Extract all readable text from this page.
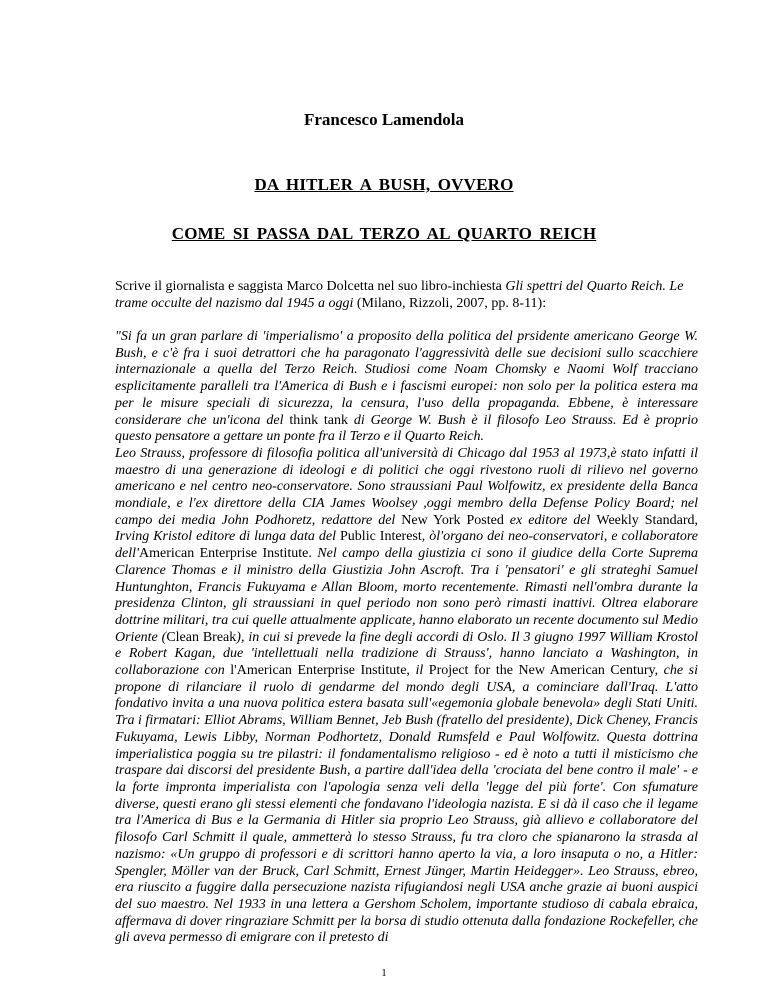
Francesco Lamendola
DA HITLER A BUSH, OVVERO
COME SI PASSA DAL TERZO AL QUARTO REICH
Scrive il giornalista e saggista Marco Dolcetta nel suo libro-inchiesta Gli spettri del Quarto Reich. Le trame occulte del nazismo dal 1945 a oggi (Milano, Rizzoli, 2007, pp. 8-11):

"Si fa un gran parlare di 'imperialismo' a proposito della politica del prsidente americano George W. Bush, e c'è fra i suoi detrattori che ha paragonato l'aggressività delle sue decisioni sullo scacchiere internazionale a quella del Terzo Reich. Studiosi come Noam Chomsky e Naomi Wolf tracciano esplicitamente paralleli tra l'America di Bush e i fascismi europei: non solo per la politica estera ma per le misure speciali di sicurezza, la censura, l'uso della propaganda. Ebbene, è interessare considerare che un'icona del think tank di George W. Bush è il filosofo Leo Strauss. Ed è proprio questo pensatore a gettare un ponte fra il Terzo e il Quarto Reich.

Leo Strauss, professore di filosofia politica all'università di Chicago dal 1953 al 1973,è stato infatti il maestro di una generazione di ideologi e di politici che oggi rivestono ruoli di rilievo nel governo americano e nel centro neo-conservatore. Sono straussiani Paul Wolfowitz, ex presidente della Banca mondiale, e l'ex direttore della CIA James Woolsey ,oggi membro della Defense Policy Board; nel campo dei media John Podhoretz, redattore del New York Posted ex editore del Weekly Standard, Irving Kristol editore di lunga data del Public Interest, òl'organo dei neo-conservatori, e collaboratore dell'American Enterprise Institute. Nel campo della giustizia ci sono il giudice della Corte Suprema Clarence Thomas e il ministro della Giustizia John Ascroft. Tra i 'pensatori' e gli strateghi Samuel Huntunghton, Francis Fukuyama e Allan Bloom, morto recentemente. Rimasti nell'ombra durante la presidenza Clinton, gli straussiani in quel periodo non sono però rimasti inattivi. Oltrea elaborare dottrine militari, tra cui quelle attualmente applicate, hanno elaborato un recente documento sul Medio Oriente (Clean Break), in cui si prevede la fine degli accordi di Oslo. Il 3 giugno 1997 William Krostol e Robert Kagan, due 'intellettuali nella tradizione di Strauss', hanno lanciato a Washington, in collaborazione con l'American Enterprise Institute, il Project for the New American Century, che si propone di rilanciare il ruolo di gendarme del mondo degli USA, a cominciare dall'Iraq. L'atto fondativo invita a una nuova politica estera basata sull'«egemonia globale benevola» degli Stati Uniti. Tra i firmatari: Elliot Abrams, William Bennet, Jeb Bush (fratello del presidente), Dick Cheney, Francis Fukuyama, Lewis Libby, Norman Podhortetz, Donald Rumsfeld e Paul Wolfowitz. Questa dottrina imperialistica poggia su tre pilastri: il fondamentalismo religioso - ed è noto a tutti il misticismo che traspare dai discorsi del presidente Bush, a partire dall'idea della 'crociata del bene contro il male' - e la forte impronta imperialista con l'apologia senza veli della 'legge del più forte'. Con sfumature diverse, questi erano gli stessi elementi che fondavano l'ideologia nazista. E si dà il caso che il legame tra l'America di Bus e la Germania di Hitler sia proprio Leo Strauss, già allievo e collaboratore del filosofo Carl Schmitt il quale, ammetterà lo stesso Strauss, fu tra cloro che spianarono la strasda al nazismo: «Un gruppo di professori e di scrittori hanno aperto la via, a loro insaputa o no, a Hitler: Spengler, Möller van der Bruck, Carl Schmitt, Ernest Jünger, Martin Heidegger». Leo Strauss, ebreo, era riuscito a fuggire dalla persecuzione nazista rifugiandosi negli USA anche grazie ai buoni auspici del suo maestro. Nel 1933 in una lettera a Gershom Scholem, importante studioso di cabala ebraica, affermava di dover ringraziare Schmitt per la borsa di studio ottenuta dalla fondazione Rockefeller, che gli aveva permesso di emigrare con il pretesto di

1
